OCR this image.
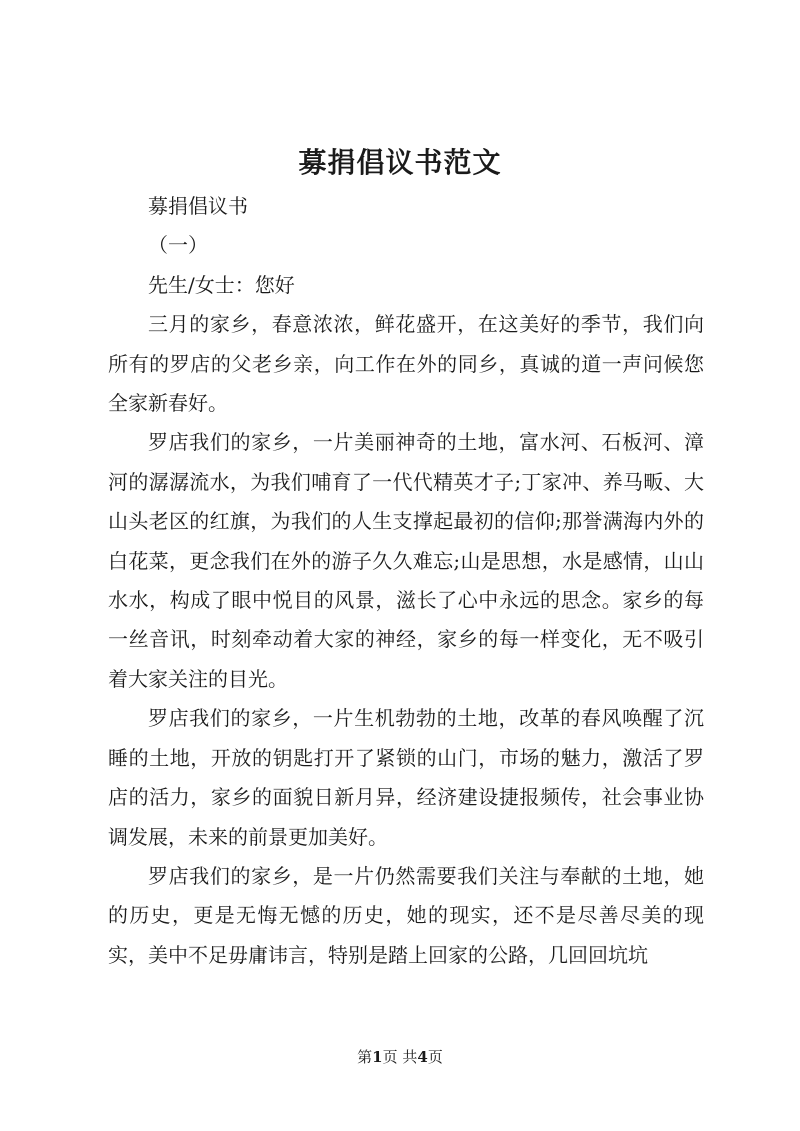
募捐倡议书范文

募捐倡议书

（一）

先生/女士：您好

三月的家乡，春意浓浓，鲜花盛开，在这美好的季节，我们向所有的罗店的父老乡亲，向工作在外的同乡，真诚的道一声问候您全家新春好。

罗店我们的家乡，一片美丽神奇的土地，富水河、石板河、漳河的潺潺流水，为我们哺育了一代代精英才子;丁家冲、养马畈、大山头老区的红旗，为我们的人生支撑起最初的信仰;那誉满海内外的白花菜，更念我们在外的游子久久难忘;山是思想，水是感情，山山水水，构成了眼中悦目的风景，滋长了心中永远的思念。家乡的每一丝音讯，时刻牵动着大家的神经，家乡的每一样变化，无不吸引着大家关注的目光。

罗店我们的家乡，一片生机勃勃的土地，改革的春风唤醒了沉睡的土地，开放的钥匙打开了紧锁的山门，市场的魅力，激活了罗店的活力，家乡的面貌日新月异，经济建设捷报频传，社会事业协调发展，未来的前景更加美好。

罗店我们的家乡，是一片仍然需要我们关注与奉献的土地，她的历史，更是无悔无憾的历史，她的现实，还不是尽善尽美的现实，美中不足毋庸讳言，特别是踏上回家的公路，几回回坑坑

第1页 共4页
